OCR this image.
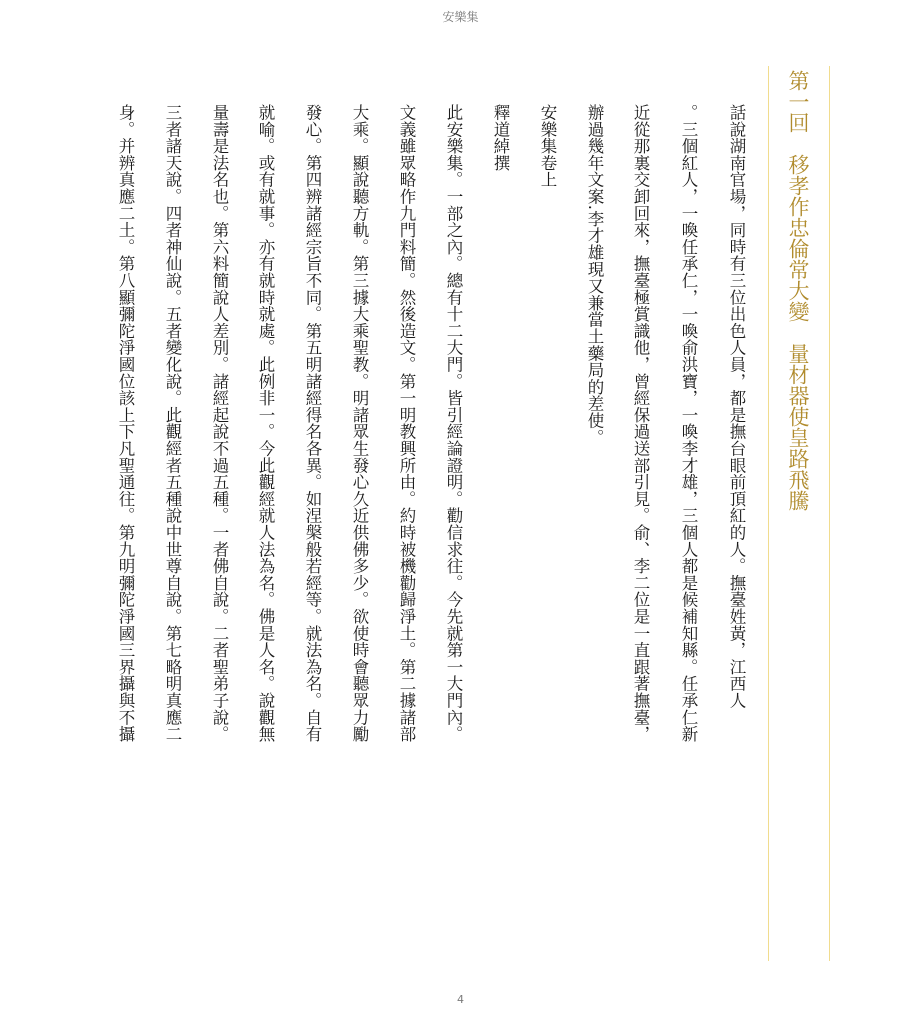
安樂集
第一回　移孝作忠倫常大變　量材器使皇路飛騰
話說湖南官場，同時有三位出色人員，都是撫台眼前頂紅的人。撫臺姓黃，江西人
。三個紅人，一喚任承仁，一喚俞洪寶，一喚李才雄，三個人都是候補知縣。任承仁新
近從那裏交卸回來，撫臺極賞識他，曾經保過送部引見。俞、李二位是一直跟著撫臺，
辦過幾年文案.李才雄現又兼當土藥局的差使。
安樂集卷上
釋道綽撰
此安樂集。一部之內。總有十二大門。皆引經論證明。勸信求往。今先就第一大門內。
文義雖眾略作九門料簡。然後造文。第一明教興所由。約時被機勸歸淨土。第二據諸部
大乘。顯說聽方軌。第三據大乘聖教。明諸眾生發心久近供佛多少。欲使時會聽眾力勵
發心。第四辨諸經宗旨不同。第五明諸經得名各異。如涅槃般若經等。就法為名。自有
就喻。或有就事。亦有就時就處。此例非一。今此觀經就人法為名。佛是人名。說觀無
量壽是法名也。第六料簡說人差別。諸經起說不過五種。一者佛自說。二者聖弟子說。
三者諸天說。四者神仙說。五者變化說。此觀經者五種說中世尊自說。第七略明真應二
身。并辨真應二土。第八顯彌陀淨國位該上下凡聖通往。第九明彌陀淨國三界攝與不攝
4
